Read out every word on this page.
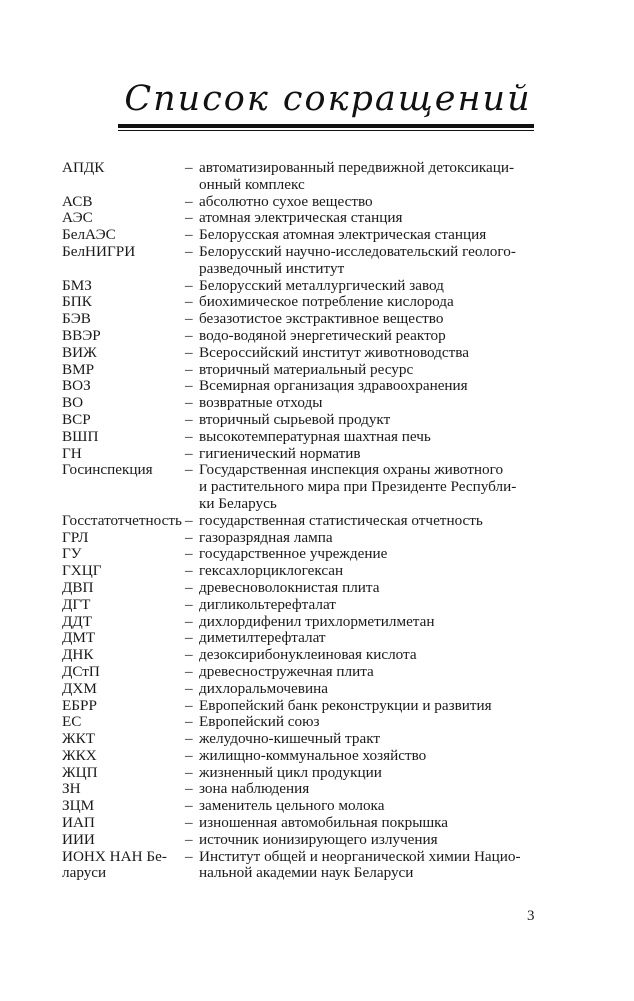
Список сокращений
АПДК	– автоматизированный передвижной детоксикаци-
онный комплекс
АСВ	– абсолютно сухое вещество
АЭС	– атомная электрическая станция
БелАЭС	– Белорусская атомная электрическая станция
БелНИГРИ	– Белорусский научно-исследовательский геолого-
разведочный институт
БМЗ	– Белорусский металлургический завод
БПК	– биохимическое потребление кислорода
БЭВ	– безазотистое экстрактивное вещество
ВВЭР	– водо-водяной энергетический реактор
ВИЖ	– Всероссийский институт животноводства
ВМР	– вторичный материальный ресурс
ВОЗ	– Всемирная организация здравоохранения
ВО	– возвратные отходы
ВСР	– вторичный сырьевой продукт
ВШП	– высокотемпературная шахтная печь
ГН	– гигиенический норматив
Госинспекция	– Государственная инспекция охраны животного
и растительного мира при Президенте Республи-
ки Беларусь
Госстатотчетность – государственная статистическая отчетность
ГРЛ	– газоразрядная лампа
ГУ	– государственное учреждение
ГХЦГ	– гексахлорциклогексан
ДВП	– древесноволокнистая плита
ДГТ	– дигликольтерефталат
ДДТ	– дихлордифенил трихлорметилметан
ДМТ	– диметилтерефталат
ДНК	– дезоксирибонуклеиновая кислота
ДСтП	– древесностружечная плита
ДХМ	– дихлоральмочевина
ЕБРР	– Европейский банк реконструкции и развития
ЕС	– Европейский союз
ЖКТ	– желудочно-кишечный тракт
ЖКХ	– жилищно-коммунальное хозяйство
ЖЦП	– жизненный цикл продукции
ЗН	– зона наблюдения
ЗЦМ	– заменитель цельного молока
ИАП	– изношенная автомобильная покрышка
ИИИ	– источник ионизирующего излучения
ИОНХ НАН Бе-
ларуси
– Институт общей и неорганической химии Нацио-
нальной академии наук Беларуси
3
